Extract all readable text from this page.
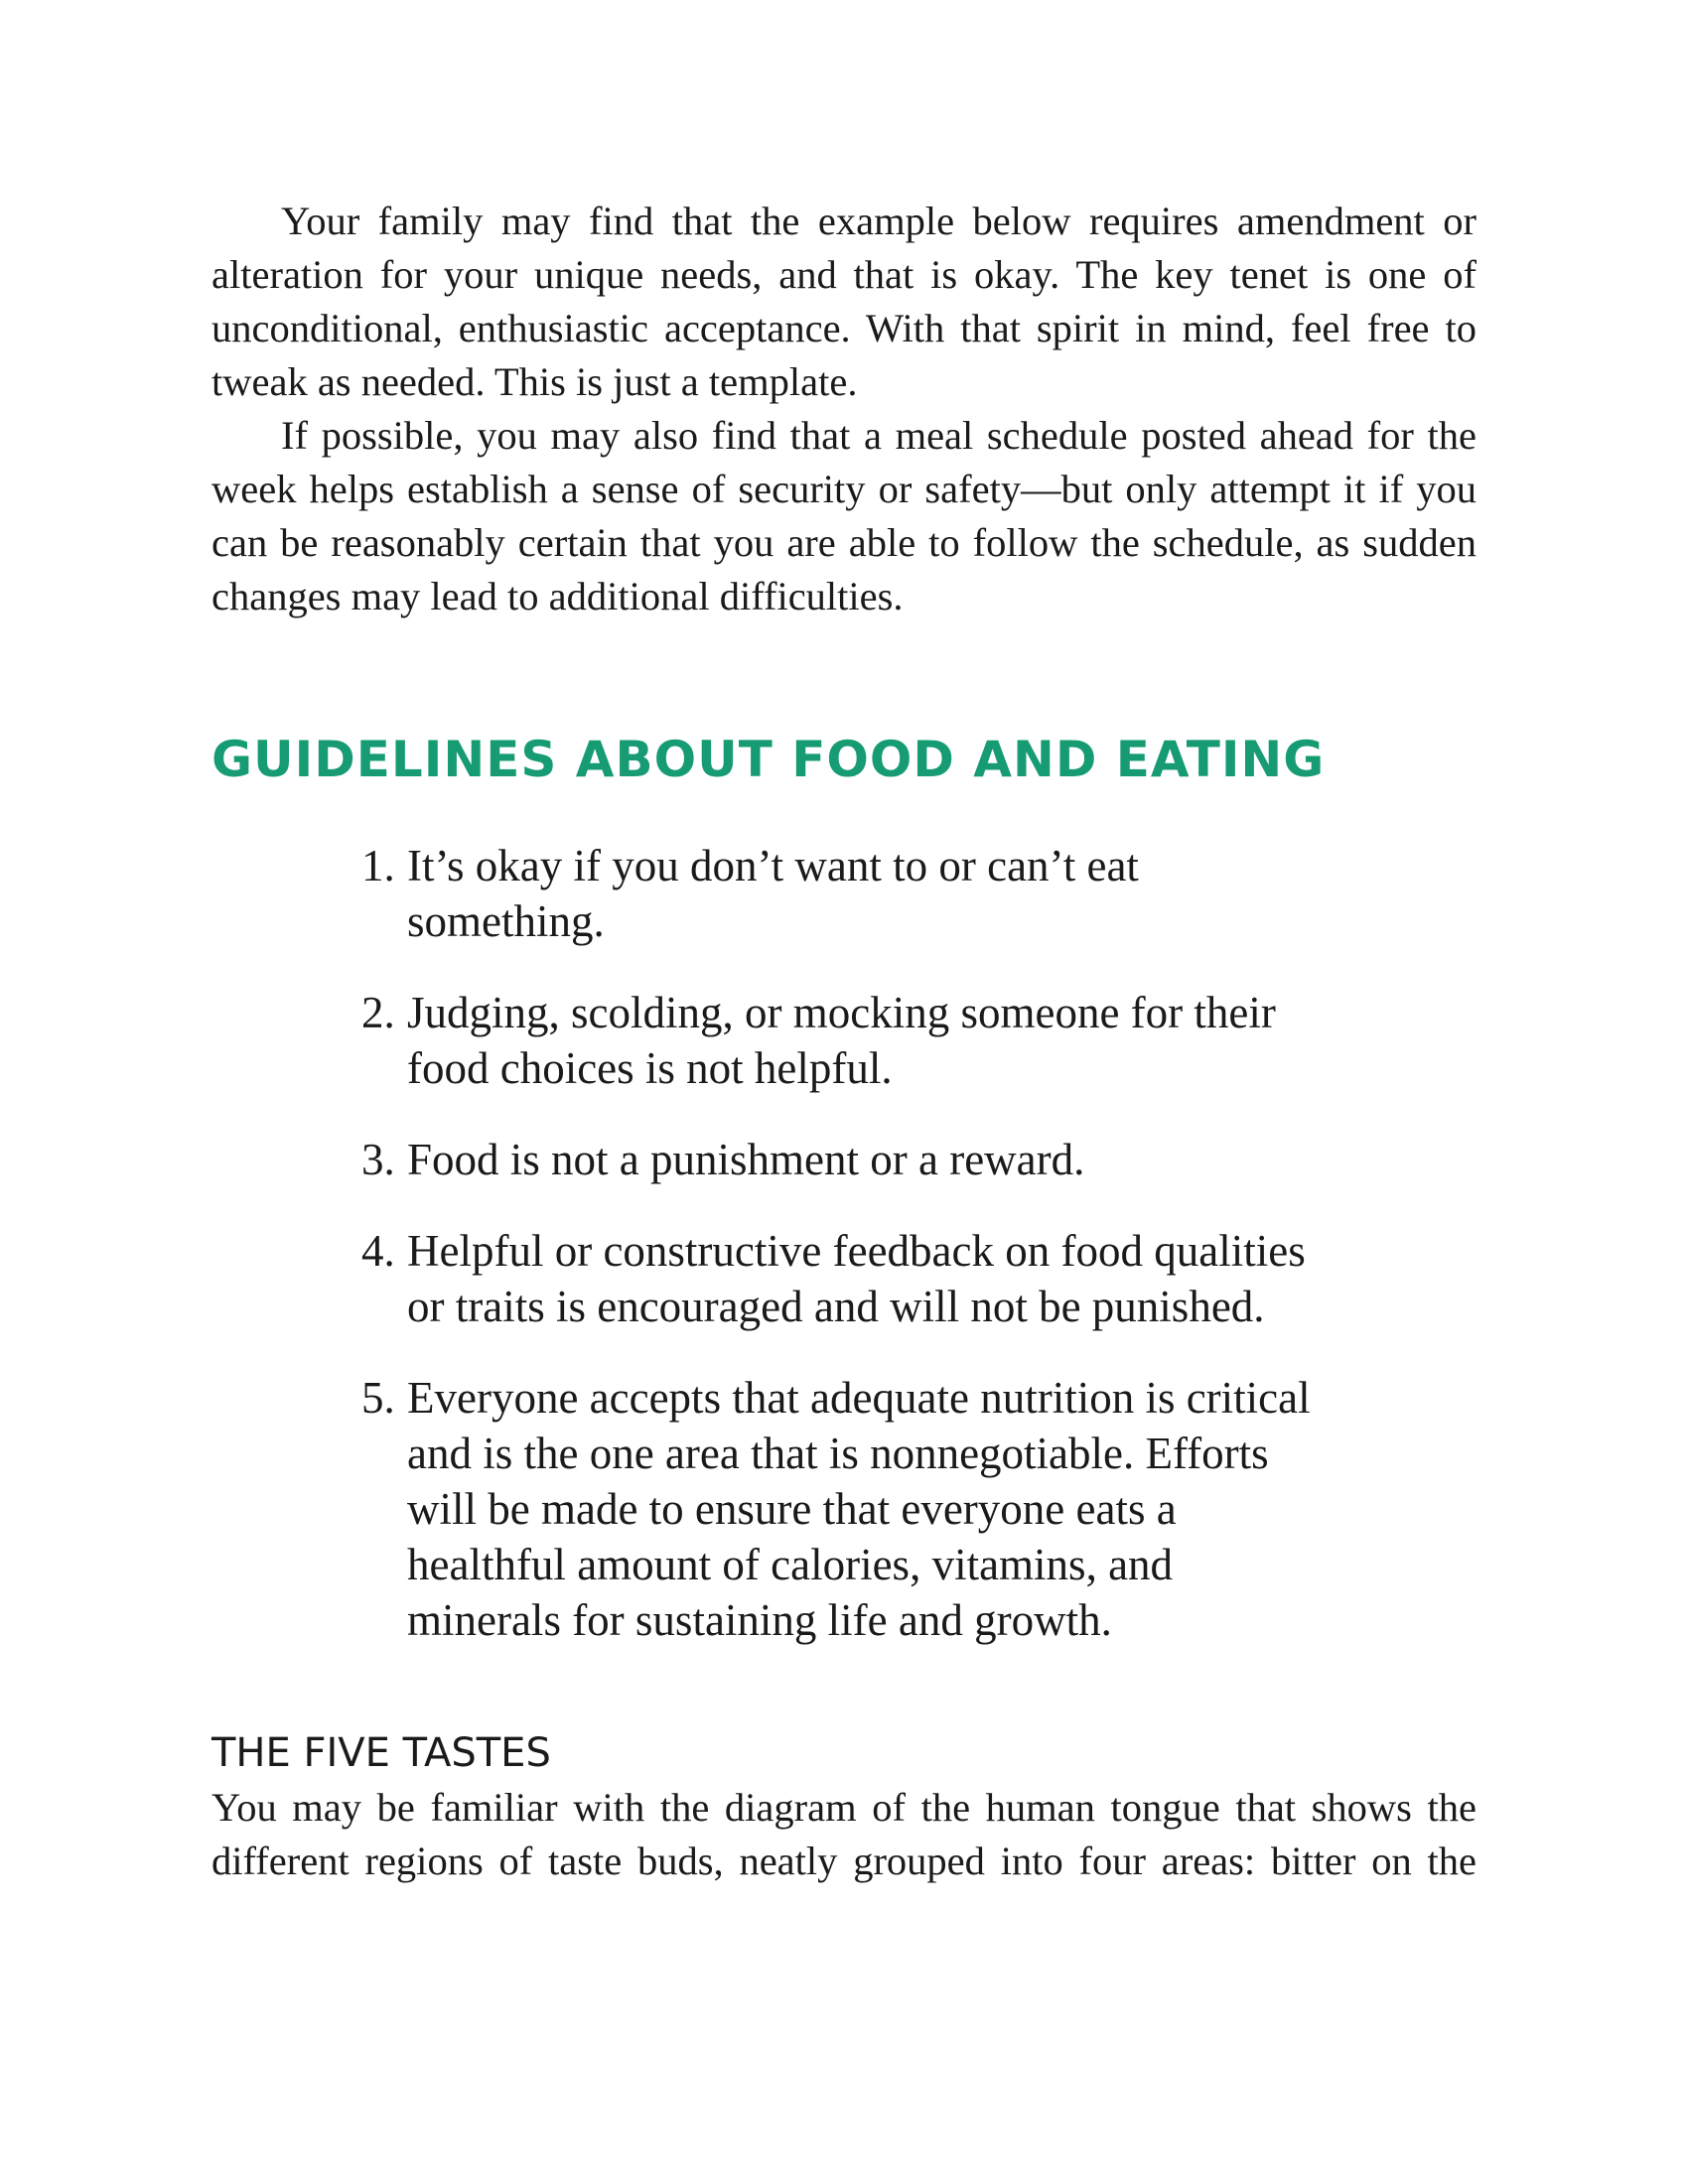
Your family may find that the example below requires amendment or alteration for your unique needs, and that is okay. The key tenet is one of unconditional, enthusiastic acceptance. With that spirit in mind, feel free to tweak as needed. This is just a template.

If possible, you may also find that a meal schedule posted ahead for the week helps establish a sense of security or safety—but only attempt it if you can be reasonably certain that you are able to follow the schedule, as sudden changes may lead to additional difficulties.

GUIDELINES ABOUT FOOD AND EATING
1. It’s okay if you don’t want to or can’t eat something.
2. Judging, scolding, or mocking someone for their food choices is not helpful.
3. Food is not a punishment or a reward.
4. Helpful or constructive feedback on food qualities or traits is encouraged and will not be punished.
5. Everyone accepts that adequate nutrition is critical and is the one area that is nonnegotiable. Efforts will be made to ensure that everyone eats a healthful amount of calories, vitamins, and minerals for sustaining life and growth.
THE FIVE TASTES

You may be familiar with the diagram of the human tongue that shows the different regions of taste buds, neatly grouped into four areas: bitter on the
